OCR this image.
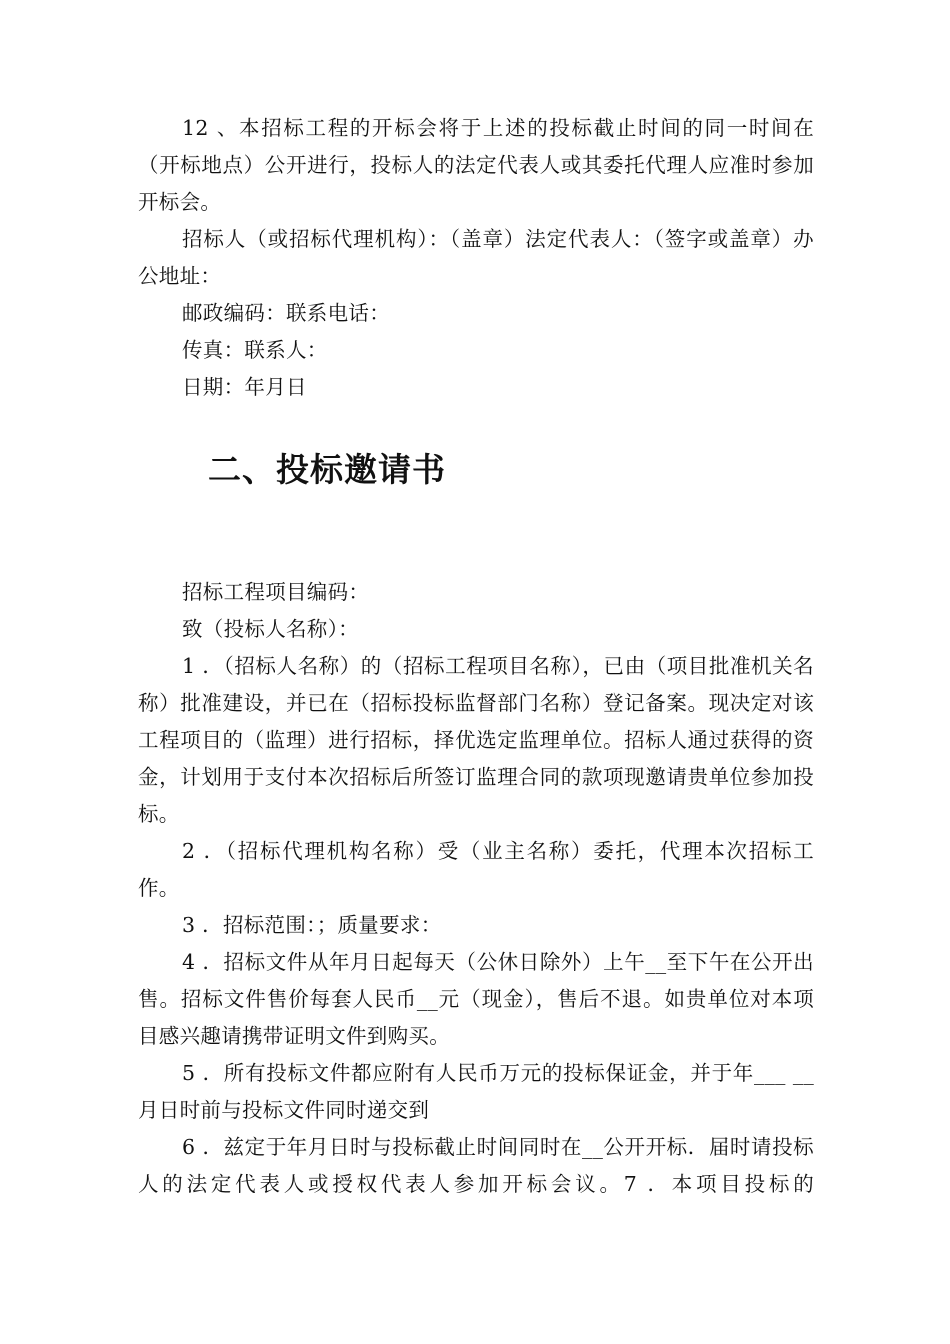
12 、本招标工程的开标会将于上述的投标截止时间的同一时间在（开标地点）公开进行，投标人的法定代表人或其委托代理人应准时参加开标会。

招标人（或招标代理机构）：（盖章）法定代表人：（签字或盖章）办公地址：

邮政编码：联系电话：

传真：联系人：

日期：年月日

二、投标邀请书

招标工程项目编码：

致（投标人名称）：

1 ．（招标人名称）的（招标工程项目名称），已由（项目批准机关名称）批准建设，并已在（招标投标监督部门名称）登记备案。现决定对该工程项目的（监理）进行招标，择优选定监理单位。招标人通过获得的资金，计划用于支付本次招标后所签订监理合同的款项现邀请贵单位参加投标。

2 ．（招标代理机构名称）受（业主名称）委托，代理本次招标工作。

3 ．招标范围：；质量要求：

4 ．招标文件从年月日起每天（公休日除外）上午__至下午在公开出售。招标文件售价每套人民币__元（现金），售后不退。如贵单位对本项目感兴趣请携带证明文件到购买。

5 ．所有投标文件都应附有人民币万元的投标保证金，并于年___ __月日时前与投标文件同时递交到

6 ．兹定于年月日时与投标截止时间同时在__公开开标．届时请投标人的法定代表人或授权代表人参加开标会议。7 ．本项目投标的
